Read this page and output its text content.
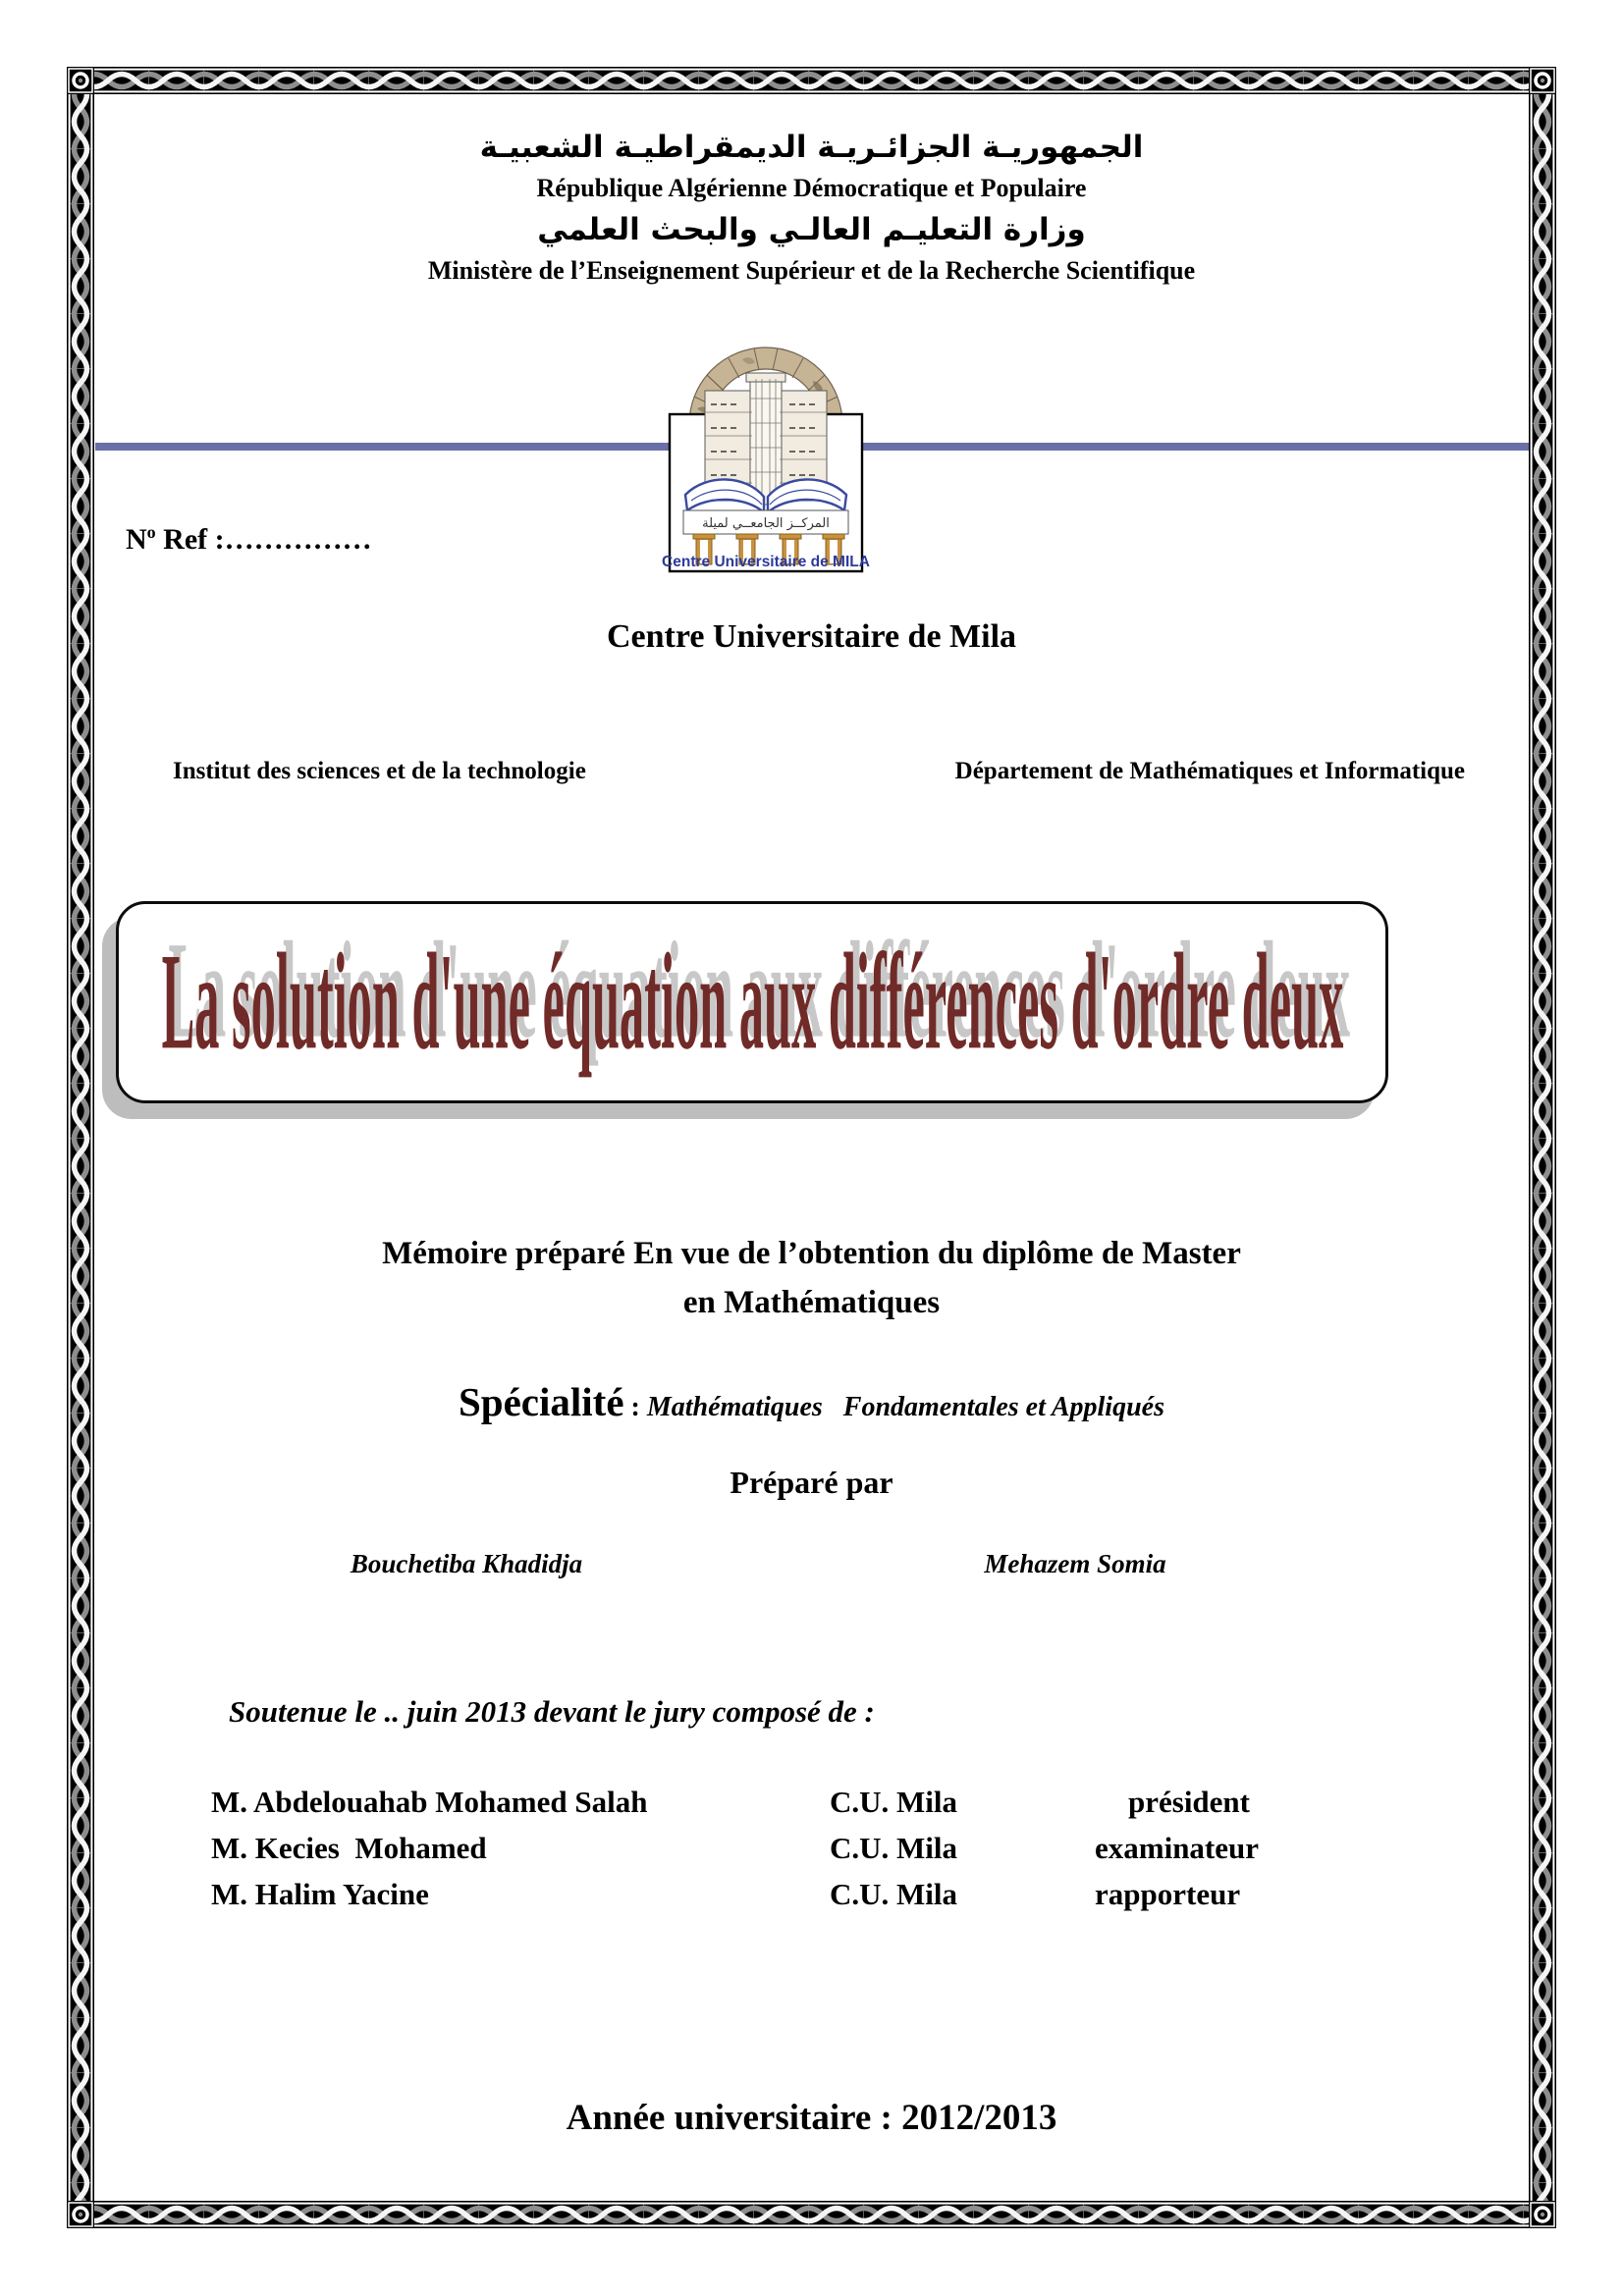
الجمهوريـة الجزائـريـة الديمقراطيـة الشعبيـة
République Algérienne Démocratique et Populaire
وزارة التعليـم العالـي والبحث العلمي
Ministère de l’Enseignement Supérieur et de la Recherche Scientifique
$N^o$ Ref :……………	المركــز الجامعــي لميلة
Centre Universitaire de MILA
Centre Universitaire de Mila
Institut des sciences et de la technologie	Département de Mathématiques et Informatique
La solution d'une équation aux différences d'ordre deux
Mémoire préparé En vue de l’obtention du diplôme de Master
en Mathématiques
Spécialité : Mathématiques   Fondamentales et Appliqués
Préparé par
Bouchetiba Khadidja	Mehazem Somia
Soutenue le .. juin 2013 devant le jury composé de :
M. Abdelouahab Mohamed Salah	C.U. Mila	président
M. Kecies  Mohamed	C.U. Mila	examinateur
M. Halim Yacine	C.U. Mila	rapporteur
Année universitaire : 2012/2013
